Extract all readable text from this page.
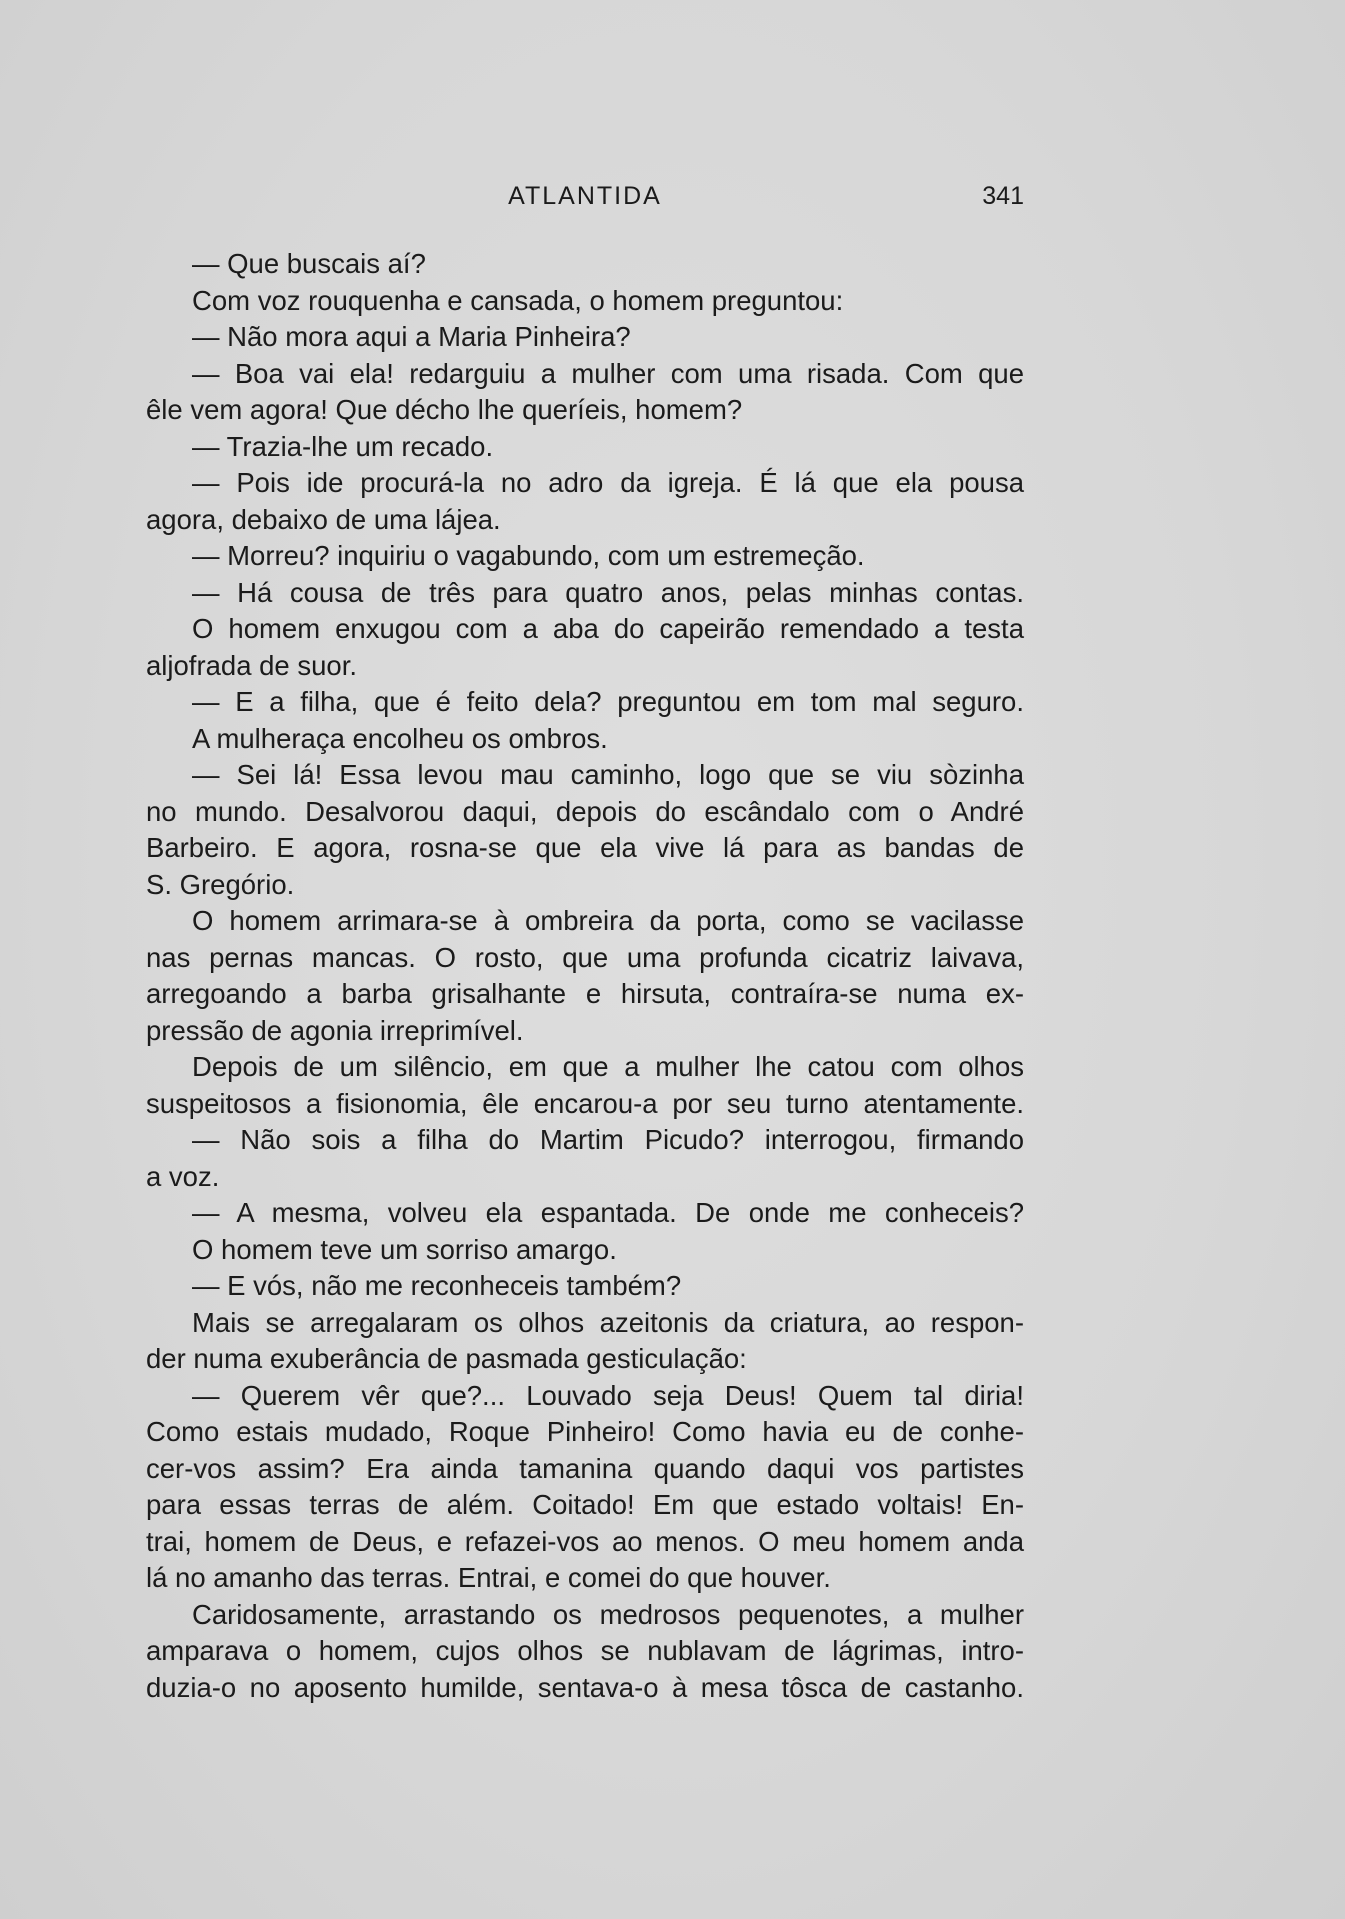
ATLANTIDA	341
— Que buscais aí?
Com voz rouquenha e cansada, o homem preguntou:
— Não mora aqui a Maria Pinheira?
— Boa vai ela! redarguiu a mulher com uma risada. Com que
êle vem agora! Que décho lhe queríeis, homem?
— Trazia-lhe um recado.
— Pois ide procurá-la no adro da igreja. É lá que ela pousa
agora, debaixo de uma lájea.
— Morreu? inquiriu o vagabundo, com um estremeção.
— Há cousa de três para quatro anos, pelas minhas contas.
O homem enxugou com a aba do capeirão remendado a testa
aljofrada de suor.
— E a filha, que é feito dela? preguntou em tom mal seguro.
A mulheraça encolheu os ombros.
— Sei lá! Essa levou mau caminho, logo que se viu sòzinha
no mundo. Desalvorou daqui, depois do escândalo com o André
Barbeiro. E agora, rosna-se que ela vive lá para as bandas de
S. Gregório.
O homem arrimara-se à ombreira da porta, como se vacilasse
nas pernas mancas. O rosto, que uma profunda cicatriz laivava,
arregoando a barba grisalhante e hirsuta, contraíra-se numa ex-
pressão de agonia irreprimível.
Depois de um silêncio, em que a mulher lhe catou com olhos
suspeitosos a fisionomia, êle encarou-a por seu turno atentamente.
— Não sois a filha do Martim Picudo? interrogou, firmando
a voz.
— A mesma, volveu ela espantada. De onde me conheceis?
O homem teve um sorriso amargo.
— E vós, não me reconheceis também?
Mais se arregalaram os olhos azeitonis da criatura, ao respon-
der numa exuberância de pasmada gesticulação:
— Querem vêr que?... Louvado seja Deus! Quem tal diria!
Como estais mudado, Roque Pinheiro! Como havia eu de conhe-
cer-vos assim? Era ainda tamanina quando daqui vos partistes
para essas terras de além. Coitado! Em que estado voltais! En-
trai, homem de Deus, e refazei-vos ao menos. O meu homem anda
lá no amanho das terras. Entrai, e comei do que houver.
Caridosamente, arrastando os medrosos pequenotes, a mulher
amparava o homem, cujos olhos se nublavam de lágrimas, intro-
duzia-o no aposento humilde, sentava-o à mesa tôsca de castanho.
